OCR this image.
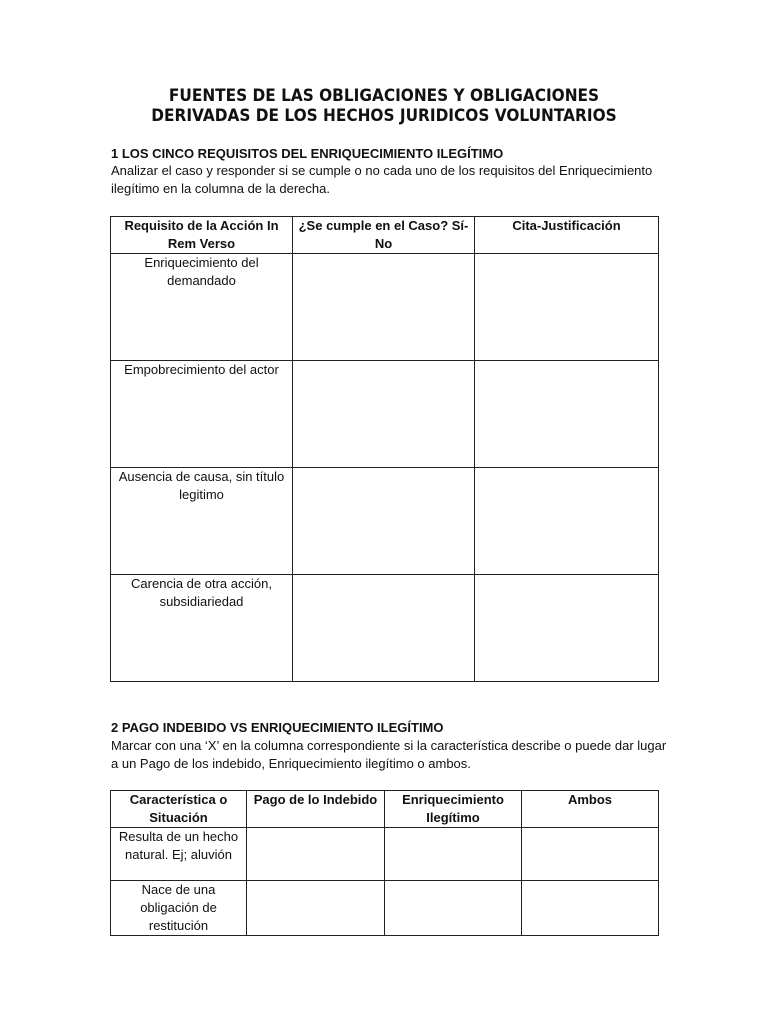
FUENTES DE LAS OBLIGACIONES Y OBLIGACIONES
DERIVADAS DE LOS HECHOS JURIDICOS VOLUNTARIOS
1 LOS CINCO REQUISITOS DEL ENRIQUECIMIENTO ILEGÍTIMO
Analizar el caso y responder si se cumple o no cada uno de los requisitos del Enriquecimiento ilegítimo en la columna de la derecha.
Requisito de la Acción In Rem Verso	¿Se cumple en el Caso? Sí-No	Cita-Justificación
Enriquecimiento del demandado		
Empobrecimiento del actor		
Ausencia de causa, sin título legitimo		
Carencia de otra acción, subsidiariedad		
2 PAGO INDEBIDO VS ENRIQUECIMIENTO ILEGÍTIMO
Marcar con una ‘X’ en la columna correspondiente si la característica describe o puede dar lugar a un Pago de los indebido, Enriquecimiento ilegítimo o ambos.
Característica o Situación	Pago de lo Indebido	Enriquecimiento Ilegítimo	Ambos
Resulta de un hecho natural. Ej; aluvión			
Nace de una obligación de restitución			
